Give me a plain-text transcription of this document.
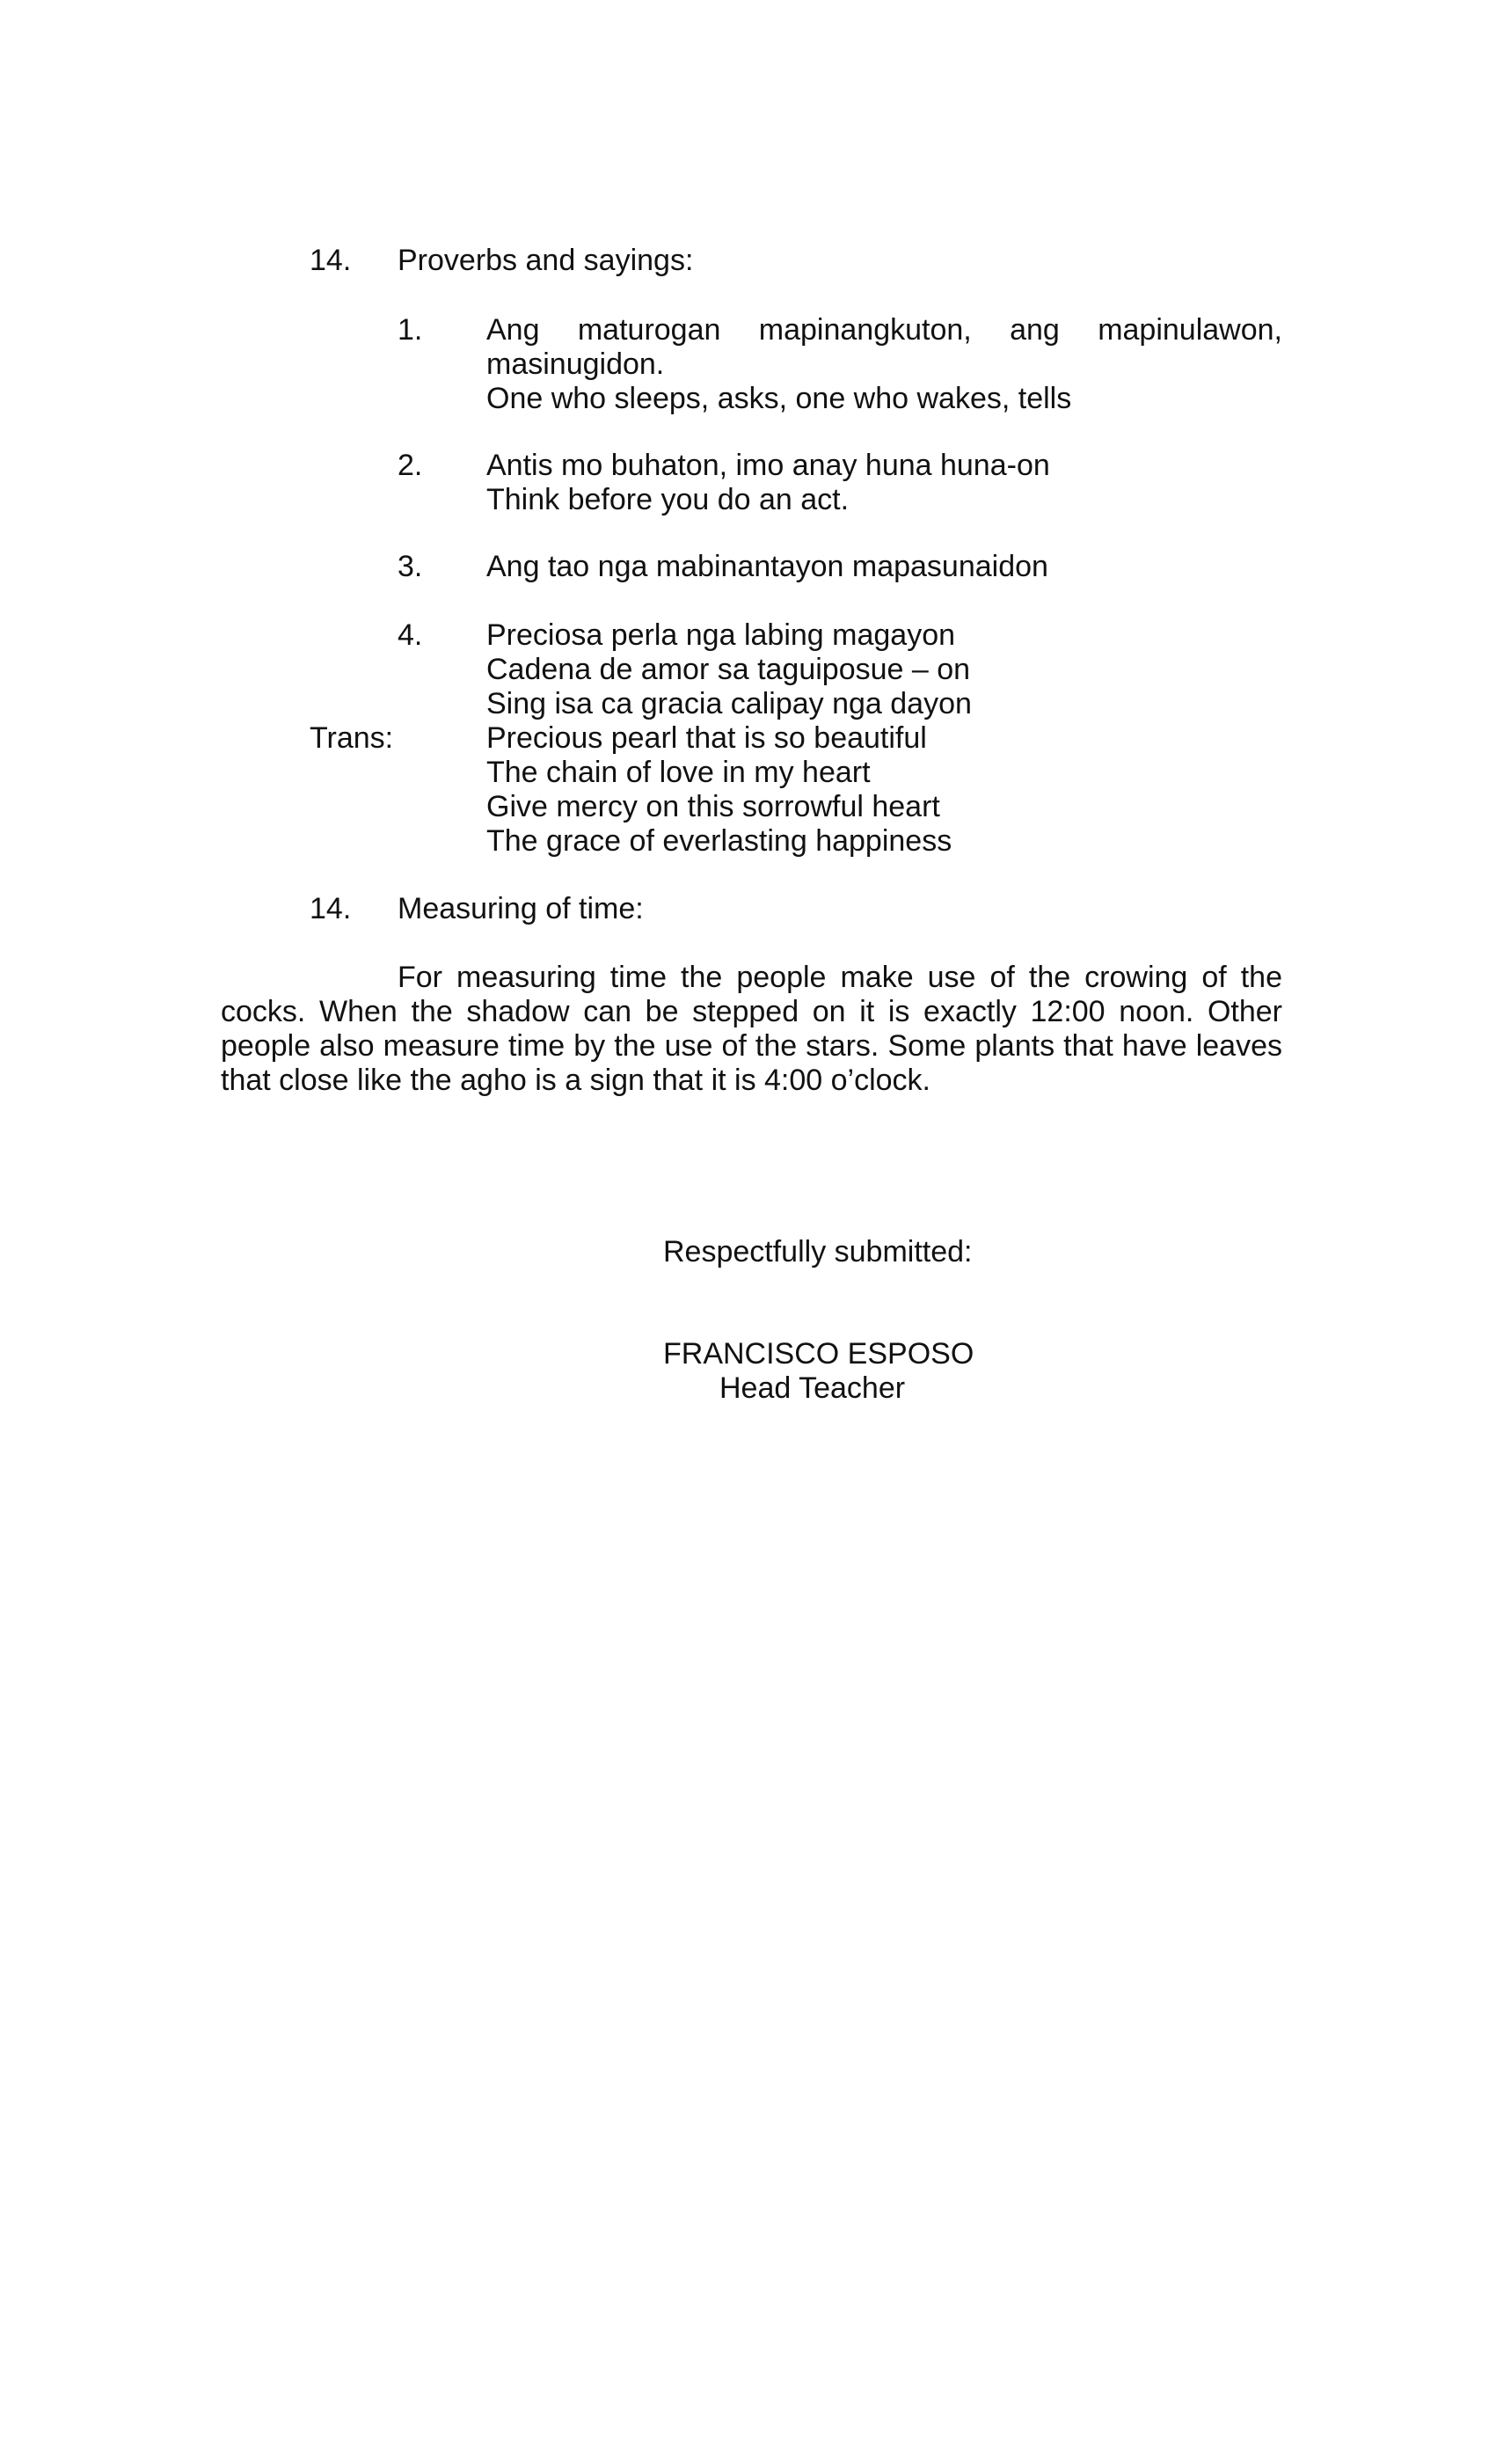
14. Proverbs and sayings:
1. Ang maturogan mapinangkuton, ang mapinulawon,
masinugidon.
One who sleeps, asks, one who wakes, tells
2. Antis mo buhaton, imo anay huna huna-on
Think before you do an act.
3. Ang tao nga mabinantayon mapasunaidon
4. Preciosa perla nga labing magayon
Cadena de amor sa taguiposue – on
Sing isa ca gracia calipay nga dayon
Precious pearl that is so beautiful
The chain of love in my heart
Give mercy on this sorrowful heart
The grace of everlasting happiness
Trans:
14. Measuring of time:
For measuring time the people make use of the crowing of the
cocks. When the shadow can be stepped on it is exactly 12:00 noon. Other
people also measure time by the use of the stars. Some plants that have leaves
that close like the agho is a sign that it is 4:00 o’clock.
Respectfully submitted:
FRANCISCO ESPOSO
Head Teacher
